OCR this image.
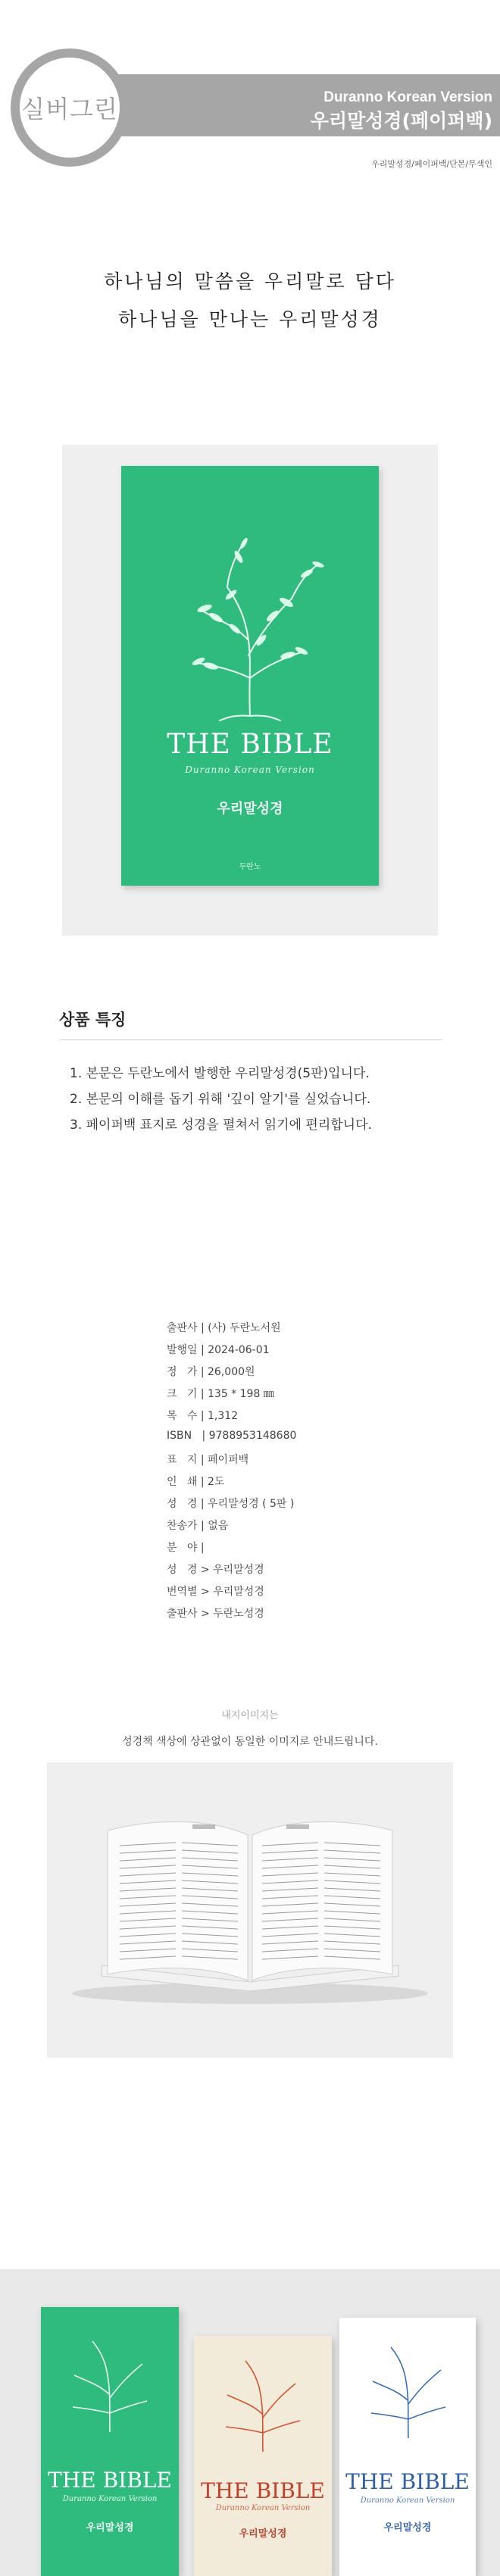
실버그린	Duranno Korean Version
우리말성경(페이퍼백)
우리말성경/페이퍼백/단본/무색인
하나님의 말씀을 우리말로 담다
하나님을 만나는 우리말성경
THE BIBLE
Duranno Korean Version
우리말성경
두란노
상품 특징
1. 본문은 두란노에서 발행한 우리말성경(5판)입니다.
2. 본문의 이해를 돕기 위해 '깊이 알기'를 실었습니다.
3. 페이퍼백 표지로 성경을 펼쳐서 읽기에 편리합니다.
출판사 | (사) 두란노서원
발행일 | 2024-06-01
정   가 | 26,000원
크   기 | 135 * 198 ㎜
목   수 | 1,312
ISBN   | 9788953148680
표   지 | 페이퍼백
인   쇄 | 2도
성   경 | 우리말성경 ( 5판 )
찬송가 | 없음
분   야 |
성   경 > 우리말성경
번역별 > 우리말성경
출판사 > 두란노성경
내지이미지는
성경책 색상에 상관없이 동일한 이미지로 안내드립니다.
THE BIBLE
Duranno Korean Version
우리말성경
THE BIBLE
Duranno Korean Version
우리말성경
THE BIBLE
Duranno Korean Version
우리말성경
